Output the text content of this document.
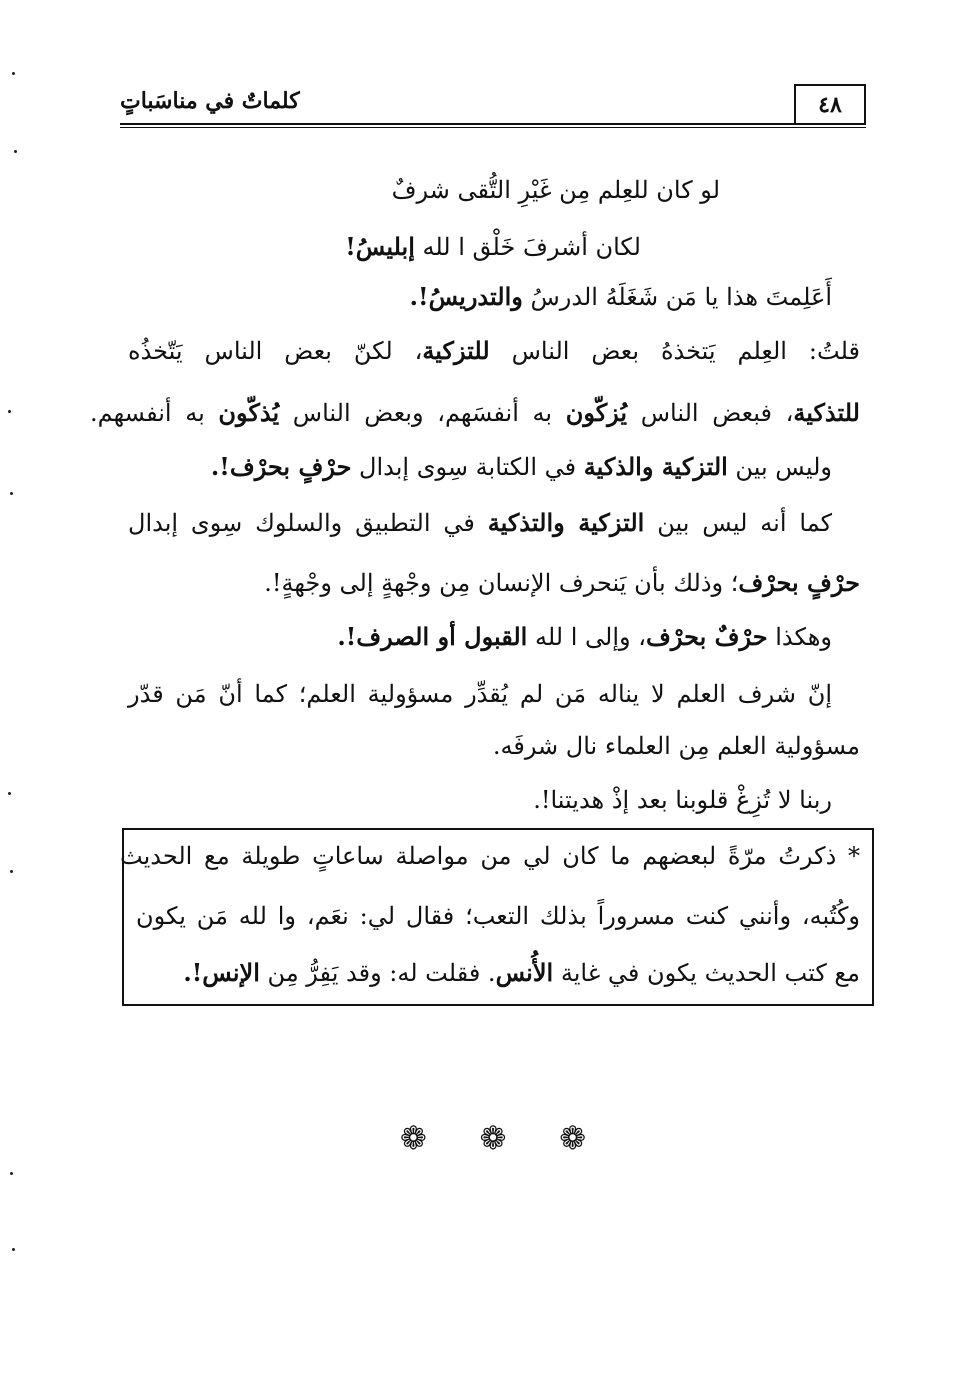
٤٨
كلماتٌ في مناسَباتٍ
لو كان للعِلم مِن غَيْرِ التُّقى شرفٌ
لكان أشرفَ خَلْق ا لله إبليسُ!
أَعَلِمتَ هذا يا مَن شَغَلَهُ الدرسُ والتدريسُ!.
قلتُ: العِلم يَتخذهُ بعض الناس للتزكية، لكنّ بعض الناس يَتّخذُه
للتذكية، فبعض الناس يُزكّون به أنفسَهم، وبعض الناس يُذكّون به أنفسهم.
وليس بين التزكية والذكية في الكتابة سِوى إبدال حرْفٍ بحرْف!.
كما أنه ليس بين التزكية والتذكية في التطبيق والسلوك سِوى إبدال
حرْفٍ بحرْف؛ وذلك بأن يَنحرف الإنسان مِن وجْهةٍ إلى وجْهةٍ!.
وهكذا حرْفٌ بحرْف، وإلى ا لله القبول أو الصرف!.
إنّ شرف العلم لا يناله مَن لم يُقدِّر مسؤولية العلم؛ كما أنّ مَن قدّر
مسؤولية العلم مِن العلماء نال شرفَه.
ربنا لا تُزِغْ قلوبنا بعد إذْ هديتنا!.
* ذكرتُ مرّةً لبعضهم ما كان لي من مواصلة ساعاتٍ طويلة مع الحديث
وكُتُبه، وأنني كنت مسروراً بذلك التعب؛ فقال لي: نعَم، وا لله مَن يكون
مع كتب الحديث يكون في غاية الأُنس. فقلت له: وقد يَفِرُّ مِن الإنس!.
❁ ❁ ❁
